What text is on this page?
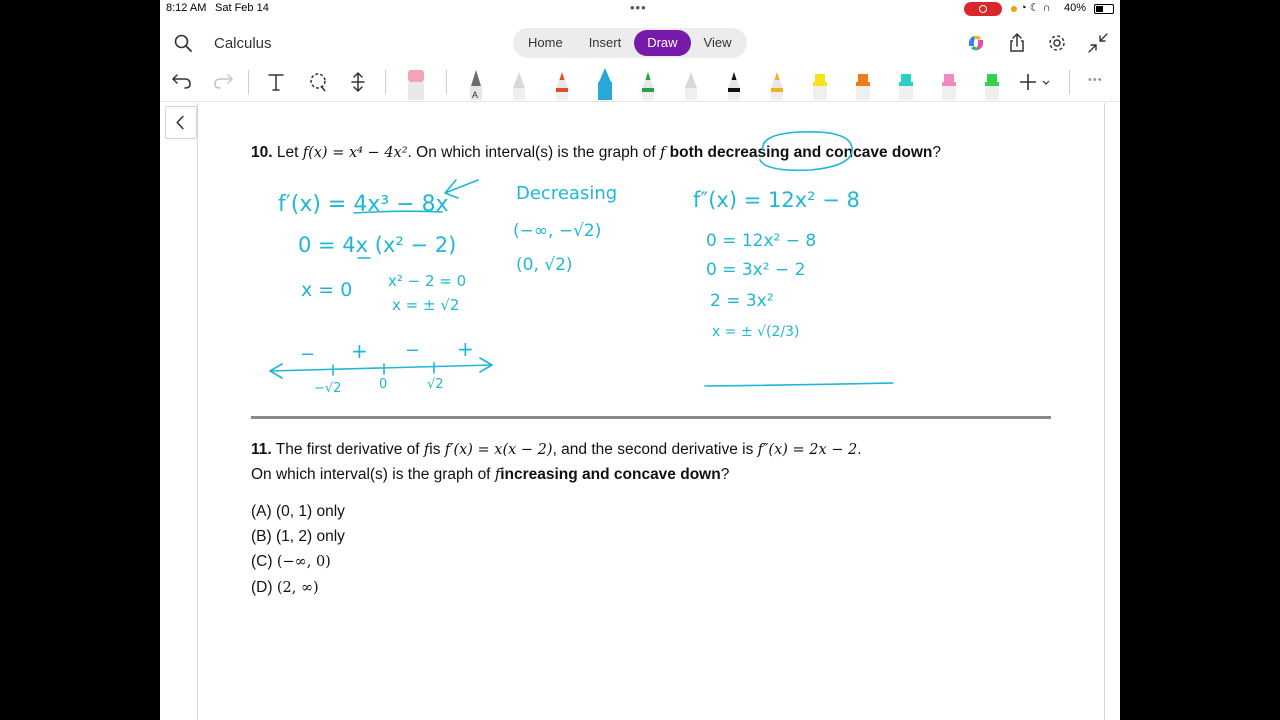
8:12 AM Sat Feb 14	•••	◔ ☾ ∩ 40%
Calculus	Home	Insert	Draw	View
A
•••
10. Let f(x) = x⁴ − 4x². On which interval(s) is the graph of f both decreasing and concave down?
11. The first derivative of fis f′(x) = x(x − 2), and the second derivative is f″(x) = 2x − 2.
On which interval(s) is the graph of fincreasing and concave down?
(A) (0, 1) only
(B) (1, 2) only
(C) (−∞, 0)
(D) (2, ∞)
f′(x) = 4x³ − 8x
0 = 4x (x² − 2)
x = 0 x² − 2 = 0
x = ± √2
− + − +
−√2	0	√2
Decreasing
(−∞, −√2)
(0, √2)
f″(x) = 12x² − 8
0 = 12x² − 8
0 = 3x² − 2
2 = 3x²
x = ± √(2/3)
